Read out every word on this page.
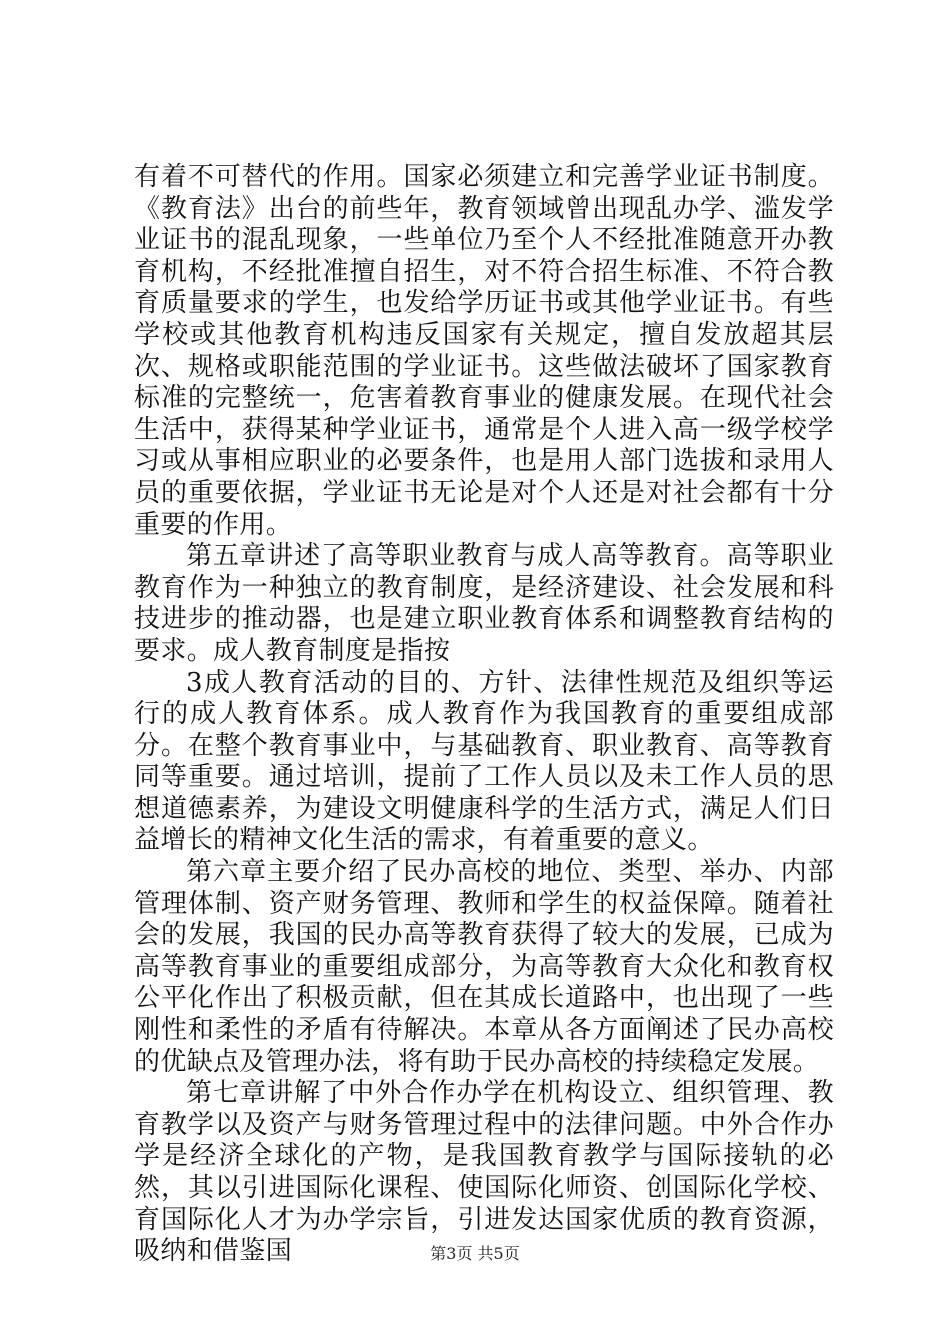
有着不可替代的作用。国家必须建立和完善学业证书制度。《教育法》出台的前些年，教育领域曾出现乱办学、滥发学业证书的混乱现象，一些单位乃至个人不经批准随意开办教育机构，不经批准擅自招生，对不符合招生标准、不符合教育质量要求的学生，也发给学历证书或其他学业证书。有些学校或其他教育机构违反国家有关规定，擅自发放超其层次、规格或职能范围的学业证书。这些做法破坏了国家教育标准的完整统一，危害着教育事业的健康发展。在现代社会生活中，获得某种学业证书，通常是个人进入高一级学校学习或从事相应职业的必要条件，也是用人部门选拔和录用人员的重要依据，学业证书无论是对个人还是对社会都有十分重要的作用。

第五章讲述了高等职业教育与成人高等教育。高等职业教育作为一种独立的教育制度，是经济建设、社会发展和科技进步的推动器，也是建立职业教育体系和调整教育结构的要求。成人教育制度是指按

3成人教育活动的目的、方针、法律性规范及组织等运行的成人教育体系。成人教育作为我国教育的重要组成部分。在整个教育事业中，与基础教育、职业教育、高等教育同等重要。通过培训，提前了工作人员以及未工作人员的思想道德素养，为建设文明健康科学的生活方式，满足人们日益增长的精神文化生活的需求，有着重要的意义。

第六章主要介绍了民办高校的地位、类型、举办、内部管理体制、资产财务管理、教师和学生的权益保障。随着社会的发展，我国的民办高等教育获得了较大的发展，已成为高等教育事业的重要组成部分，为高等教育大众化和教育权公平化作出了积极贡献，但在其成长道路中，也出现了一些刚性和柔性的矛盾有待解决。本章从各方面阐述了民办高校的优缺点及管理办法，将有助于民办高校的持续稳定发展。

第七章讲解了中外合作办学在机构设立、组织管理、教育教学以及资产与财务管理过程中的法律问题。中外合作办学是经济全球化的产物，是我国教育教学与国际接轨的必然，其以引进国际化课程、使国际化师资、创国际化学校、育国际化人才为办学宗旨，引进发达国家优质的教育资源，吸纳和借鉴国	第3页 共5页
